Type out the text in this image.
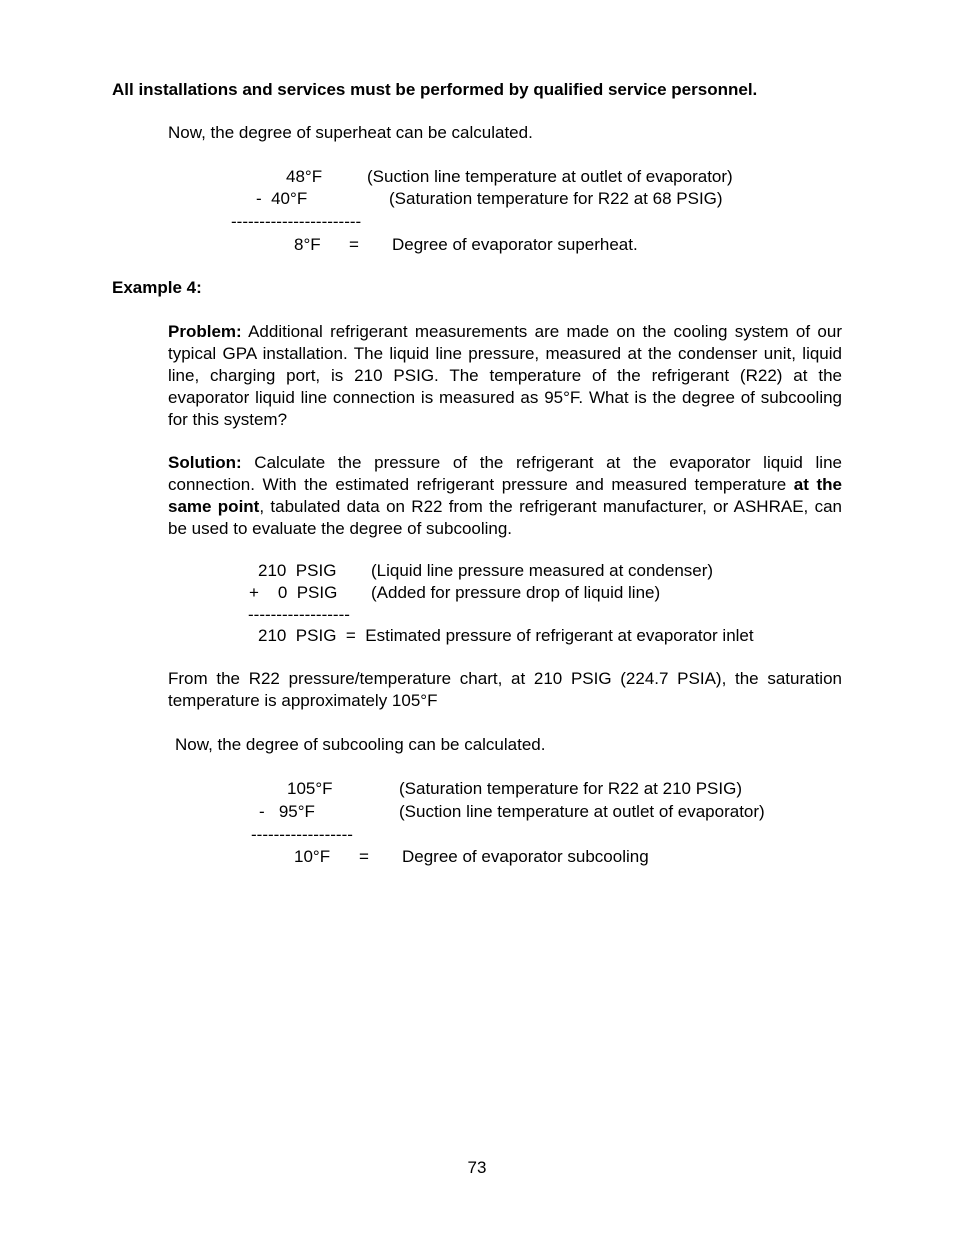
All installations and services must be performed by qualified service personnel.
Now, the degree of superheat can be calculated.
48°F	(Suction line temperature at outlet of evaporator)
-  40°F	(Saturation temperature for R22 at 68 PSIG)
-----------------------
8°F = Degree of evaporator superheat.
Example 4:
Problem: Additional refrigerant measurements are made on the cooling system of our typical GPA installation. The liquid line pressure, measured at the condenser unit, liquid line, charging port, is 210 PSIG. The temperature of the refrigerant (R22) at the evaporator liquid line connection is measured as 95°F. What is the degree of subcooling for this system?
Solution: Calculate the pressure of the refrigerant at the evaporator liquid line connection. With the estimated refrigerant pressure and measured temperature at the same point, tabulated data on R22 from the refrigerant manufacturer, or ASHRAE, can be used to evaluate the degree of subcooling.
210  PSIG (Liquid line pressure measured at condenser)
+    0  PSIG (Added for pressure drop of liquid line)
------------------
210  PSIG  =  Estimated pressure of refrigerant at evaporator inlet
From the R22 pressure/temperature chart, at 210 PSIG (224.7 PSIA), the saturation temperature is approximately 105°F
Now, the degree of subcooling can be calculated.
105°F	(Saturation temperature for R22 at 210 PSIG)
-   95°F	(Suction line temperature at outlet of evaporator)
------------------
10°F = Degree of evaporator subcooling
73
